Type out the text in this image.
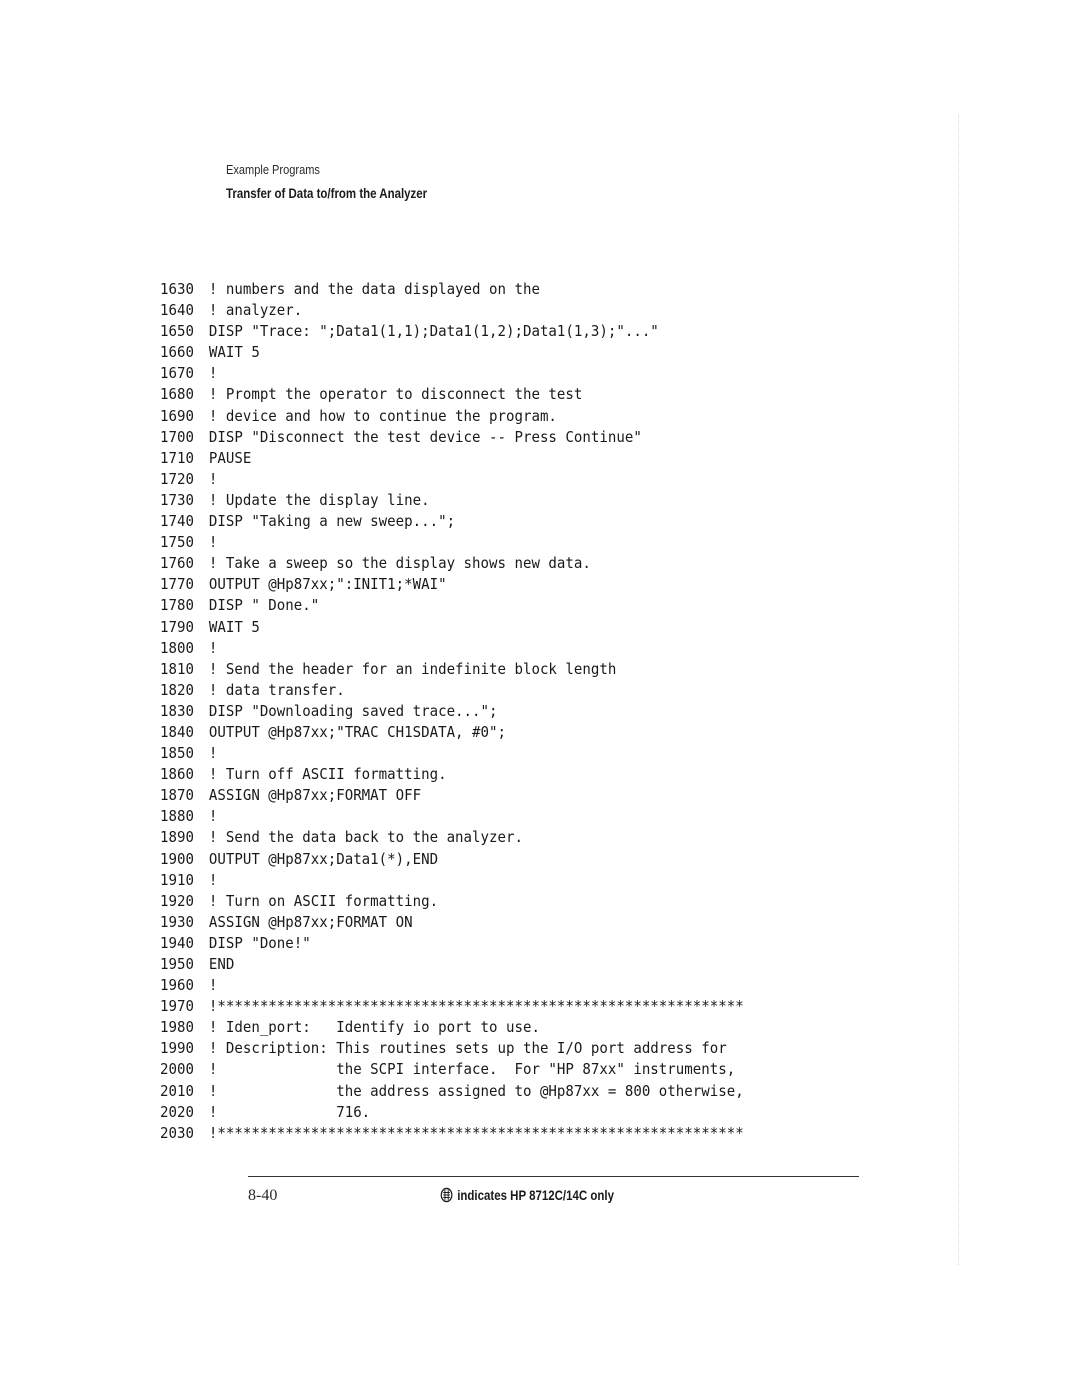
Example Programs
Transfer of Data to/from the Analyzer
1630 ! numbers and the data displayed on the
1640 ! analyzer.
1650 DISP "Trace: ";Data1(1,1);Data1(1,2);Data1(1,3);"..."
1660 WAIT 5
1670 !
1680 ! Prompt the operator to disconnect the test
1690 ! device and how to continue the program.
1700 DISP "Disconnect the test device -- Press Continue"
1710 PAUSE
1720 !
1730 ! Update the display line.
1740 DISP "Taking a new sweep...";
1750 !
1760 ! Take a sweep so the display shows new data.
1770 OUTPUT @Hp87xx;":INIT1;*WAI"
1780 DISP " Done."
1790 WAIT 5
1800 !
1810 ! Send the header for an indefinite block length
1820 ! data transfer.
1830 DISP "Downloading saved trace...";
1840 OUTPUT @Hp87xx;"TRAC CH1SDATA, #0";
1850 !
1860 ! Turn off ASCII formatting.
1870 ASSIGN @Hp87xx;FORMAT OFF
1880 !
1890 ! Send the data back to the analyzer.
1900 OUTPUT @Hp87xx;Data1(*),END
1910 !
1920 ! Turn on ASCII formatting.
1930 ASSIGN @Hp87xx;FORMAT ON
1940 DISP "Done!"
1950 END
1960 !
1970 !**************************************************************
1980 ! Iden_port:   Identify io port to use.
1990 ! Description: This routines sets up the I/O port address for
2000 !              the SCPI interface.  For "HP 87xx" instruments,
2010 !              the address assigned to @Hp87xx = 800 otherwise,
2020 !              716.
2030 !**************************************************************
8-40	indicates HP 8712C/14C only
